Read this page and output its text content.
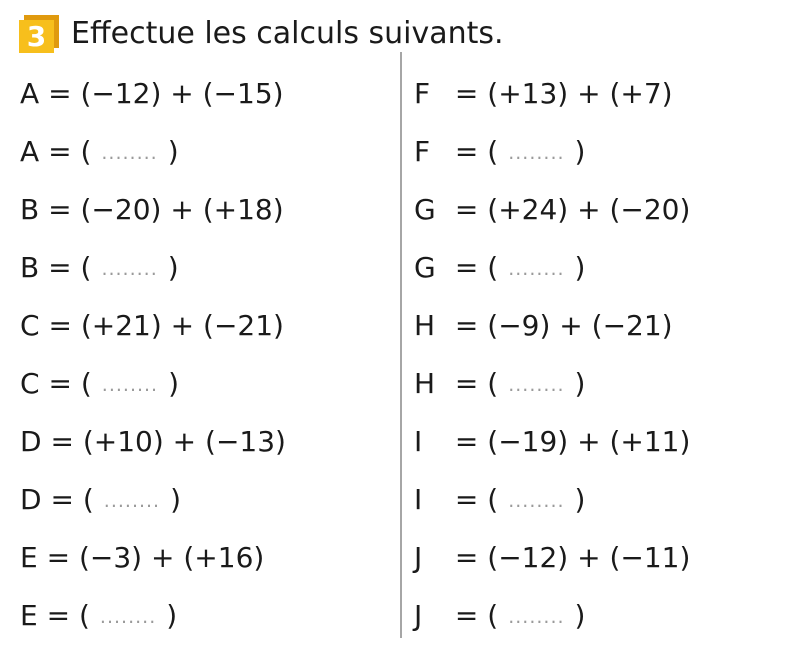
3 Effectue les calculs suivants.
A = (−12) + (−15)
A = ( ........ )
B = (−20) + (+18)
B = ( ........ )
C = (+21) + (−21)
C = ( ........ )
D = (+10) + (−13)
D = ( ........ )
E = (−3) + (+16)
E = ( ........ )
F = (+13) + (+7)
F = ( ........ )
G = (+24) + (−20)
G = ( ........ )
H = (−9) + (−21)
H = ( ........ )
I = (−19) + (+11)
I = ( ........ )
J = (−12) + (−11)
J = ( ........ )
